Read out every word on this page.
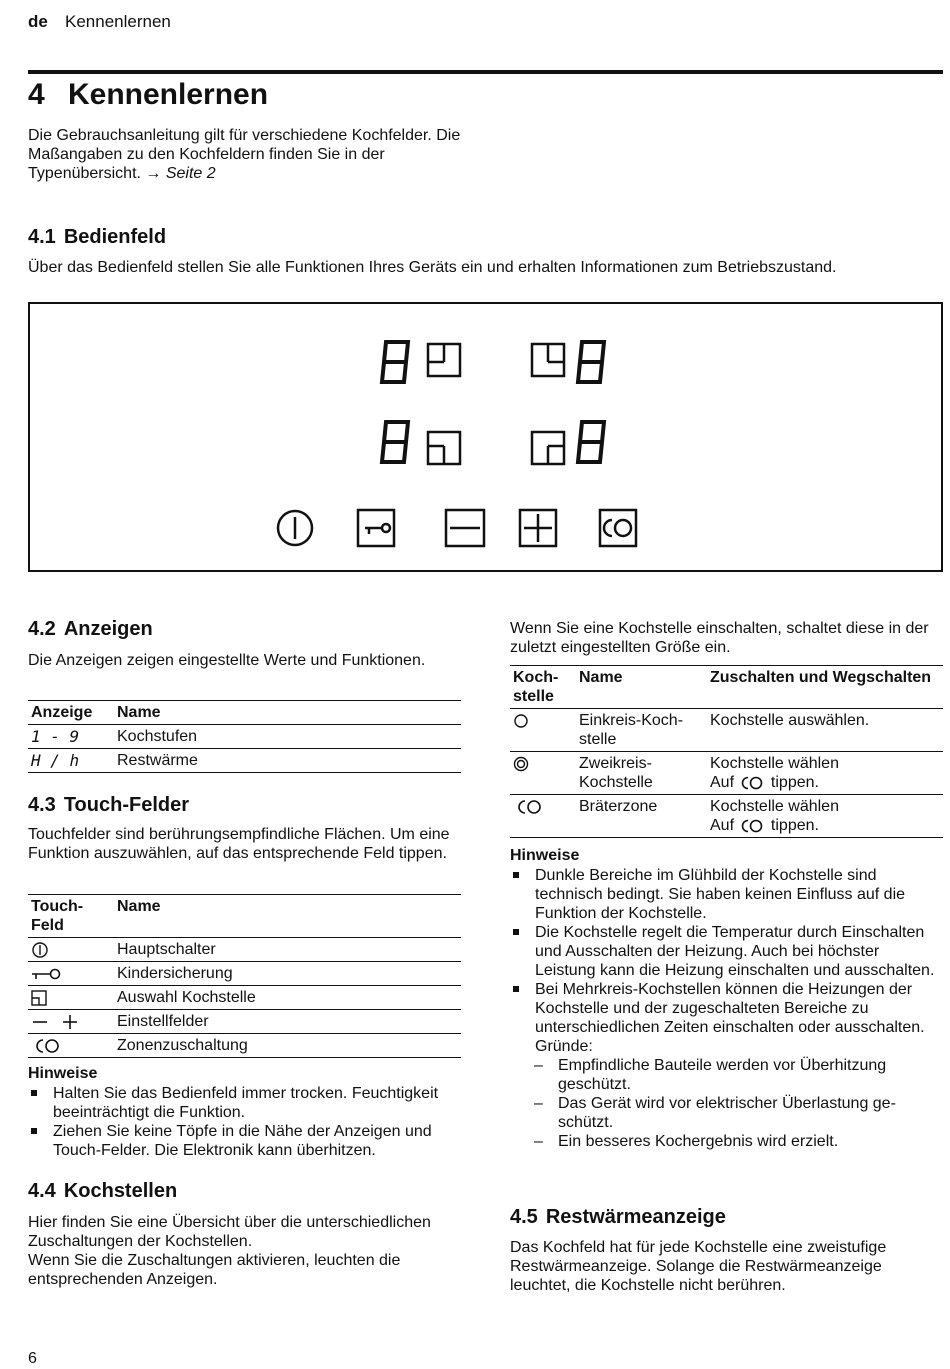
de Kennenlernen
4 Kennenlernen

Die Gebrauchsanleitung gilt für verschiedene Kochfelder. Die Maßangaben zu den Kochfeldern finden Sie in der Typenübersicht. → Seite 2

4.1 Bedienfeld

Über das Bedienfeld stellen Sie alle Funktionen Ihres Geräts ein und erhalten Informationen zum Betriebszustand.

4.2 Anzeigen

Die Anzeigen zeigen eingestellte Werte und Funktionen.

Anzeige	Name
1 - 9	Kochstufen
H / h	Restwärme
4.3 Touch-Felder

Touchfelder sind berührungsempfindliche Flächen. Um eine Funktion auszuwählen, auf das entsprechende Feld tippen.

Touch-Feld	Name
	Hauptschalter
	Kindersicherung
	Auswahl Kochstelle
	Einstellfelder
	Zonenzuschaltung
Hinweise
Halten Sie das Bedienfeld immer trocken. Feuchtigkeit beeinträchtigt die Funktion.
Ziehen Sie keine Töpfe in die Nähe der Anzeigen und Touch-Felder. Die Elektronik kann überhitzen.
4.4 Kochstellen

Hier finden Sie eine Übersicht über die unterschiedlichen Zuschaltungen der Kochstellen.
Wenn Sie die Zuschaltungen aktivieren, leuchten die entsprechenden Anzeigen.

Wenn Sie eine Kochstelle einschalten, schaltet diese in der zuletzt eingestellten Größe ein.

Kochstelle	Name	Zuschalten und Wegschalten
	Einkreis-Kochstelle	Kochstelle auswählen.
	Zweikreis-Kochstelle	Kochstelle wählen
Auf tippen.
	Bräterzone	Kochstelle wählen
Auf tippen.
Hinweise
Dunkle Bereiche im Glühbild der Kochstelle sind technisch bedingt. Sie haben keinen Einfluss auf die Funktion der Kochstelle.
Die Kochstelle regelt die Temperatur durch Einschalten und Ausschalten der Heizung. Auch bei höchster Leistung kann die Heizung einschalten und ausschalten.
Bei Mehrkreis-Kochstellen können die Heizungen der Kochstelle und der zugeschalteten Bereiche zu unterschiedlichen Zeiten einschalten oder ausschalten.
Gründe:
– Empfindliche Bauteile werden vor Überhitzung geschützt.
– Das Gerät wird vor elektrischer Überlastung geschützt.
– Ein besseres Kochergebnis wird erzielt.
4.5 Restwärmeanzeige

Das Kochfeld hat für jede Kochstelle eine zweistufige Restwärmeanzeige. Solange die Restwärmeanzeige leuchtet, die Kochstelle nicht berühren.

6
